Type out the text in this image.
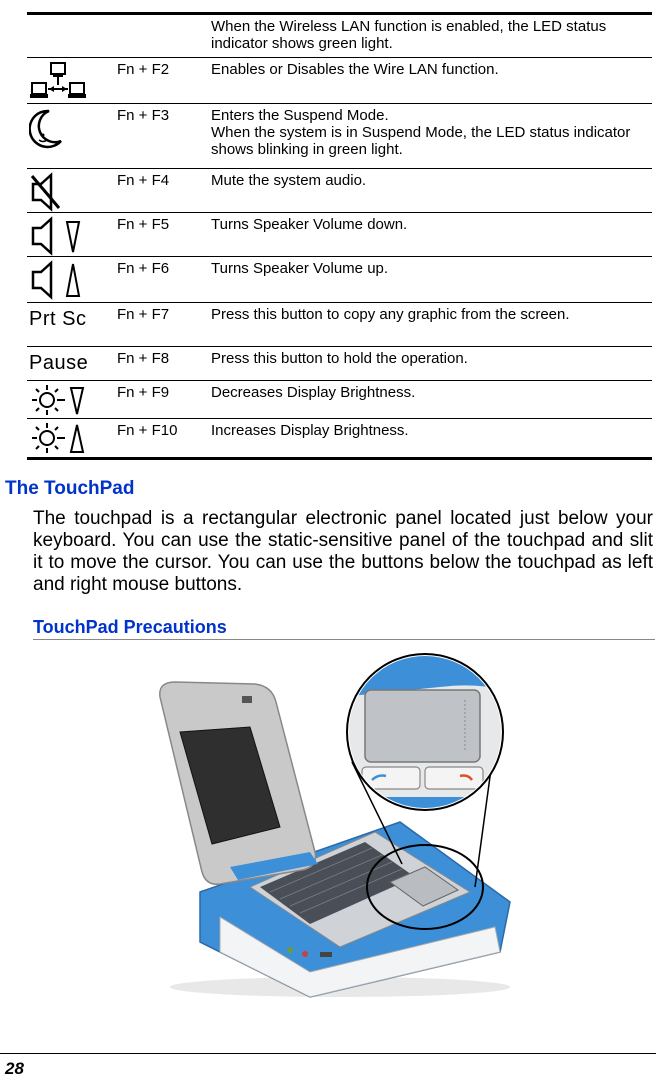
		When the Wireless LAN function is enabled, the LED status indicator shows green light.

	Fn + F2	Enables or Disables the Wire LAN function.

	Fn + F3	Enters the Suspend Mode.
When the system is in Suspend Mode, the LED status indicator shows blinking in green light.

	Fn + F4	Mute the system audio.

	Fn + F5	Turns Speaker Volume down.

	Fn + F6	Turns Speaker Volume up.

Prt Sc	Fn + F7	Press this button to copy any graphic from the screen.

Pause	Fn + F8	Press this button to hold the operation.

	Fn + F9	Decreases Display Brightness.

	Fn + F10	Increases Display Brightness.
The TouchPad

The touchpad is a rectangular electronic panel located just below your keyboard. You can use the static-sensitive panel of the touchpad and slit it to move the cursor. You can use the buttons below the touchpad as left and right mouse buttons.

TouchPad Precautions

28
